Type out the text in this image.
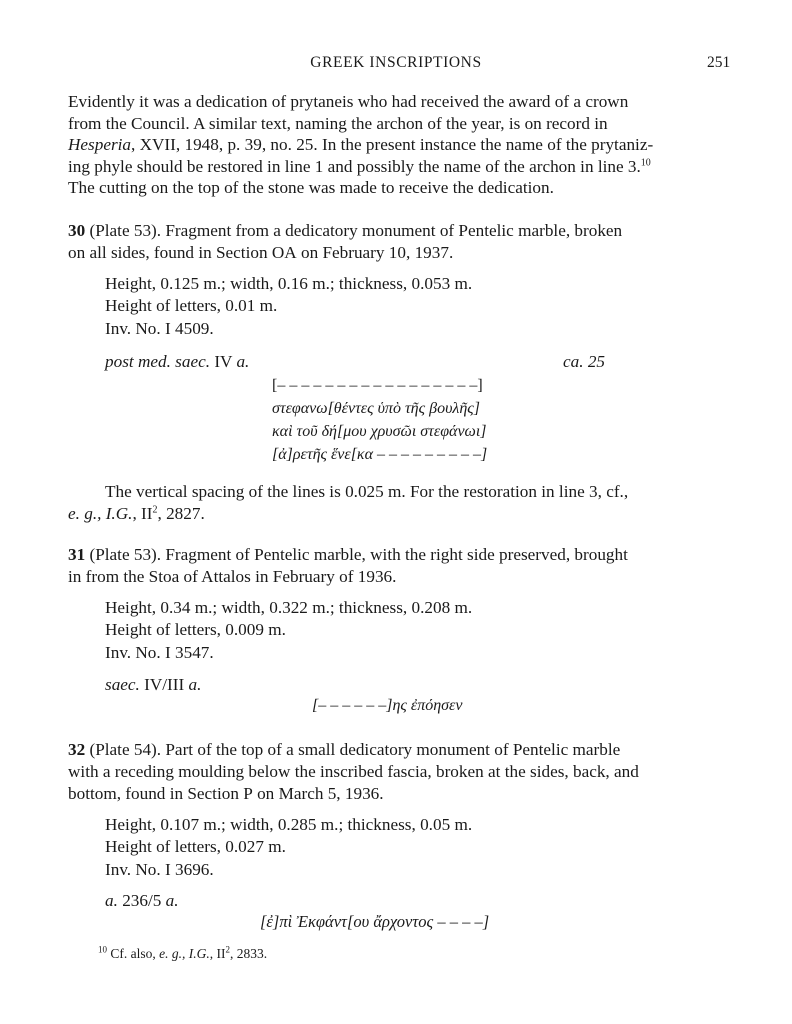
GREEK INSCRIPTIONS	251
Evidently it was a dedication of prytaneis who had received the award of a crown
from the Council. A similar text, naming the archon of the year, is on record in
Hesperia, XVII, 1948, p. 39, no. 25. In the present instance the name of the prytaniz-
ing phyle should be restored in line 1 and possibly the name of the archon in line 3.10
The cutting on the top of the stone was made to receive the dedication.
30 (Plate 53). Fragment from a dedicatory monument of Pentelic marble, broken
on all sides, found in Section OA on February 10, 1937.
Height, 0.125 m.; width, 0.16 m.; thickness, 0.053 m.
Height of letters, 0.01 m.
Inv. No. I 4509.
post med. saec. IV a.	ca. 25
[– – – – – – – – – – – – – – – – –]
στεφανω[θέντες ὑπὸ τῆς βουλῆς]
καὶ τοῦ δή[μου χρυσῶι στεφάνωι]
[ἀ]ρετῆς ἕνε[κα – – – – – – – – –]
The vertical spacing of the lines is 0.025 m. For the restoration in line 3, cf.,
e. g., I.G., $II^2$, 2827.
31 (Plate 53). Fragment of Pentelic marble, with the right side preserved, brought
in from the Stoa of Attalos in February of 1936.
Height, 0.34 m.; width, 0.322 m.; thickness, 0.208 m.
Height of letters, 0.009 m.
Inv. No. I 3547.
saec. IV/III a.
[– – – – – –]ης ἐπόησεν
32 (Plate 54). Part of the top of a small dedicatory monument of Pentelic marble
with a receding moulding below the inscribed fascia, broken at the sides, back, and
bottom, found in Section P on March 5, 1936.
Height, 0.107 m.; width, 0.285 m.; thickness, 0.05 m.
Height of letters, 0.027 m.
Inv. No. I 3696.
a. 236/5 a.
[ἐ]πὶ Ἐκφάντ[ου ἄρχοντος – – – –]
$^{10}$ Cf. also, e. g., I.G., $II^2$, 2833.
